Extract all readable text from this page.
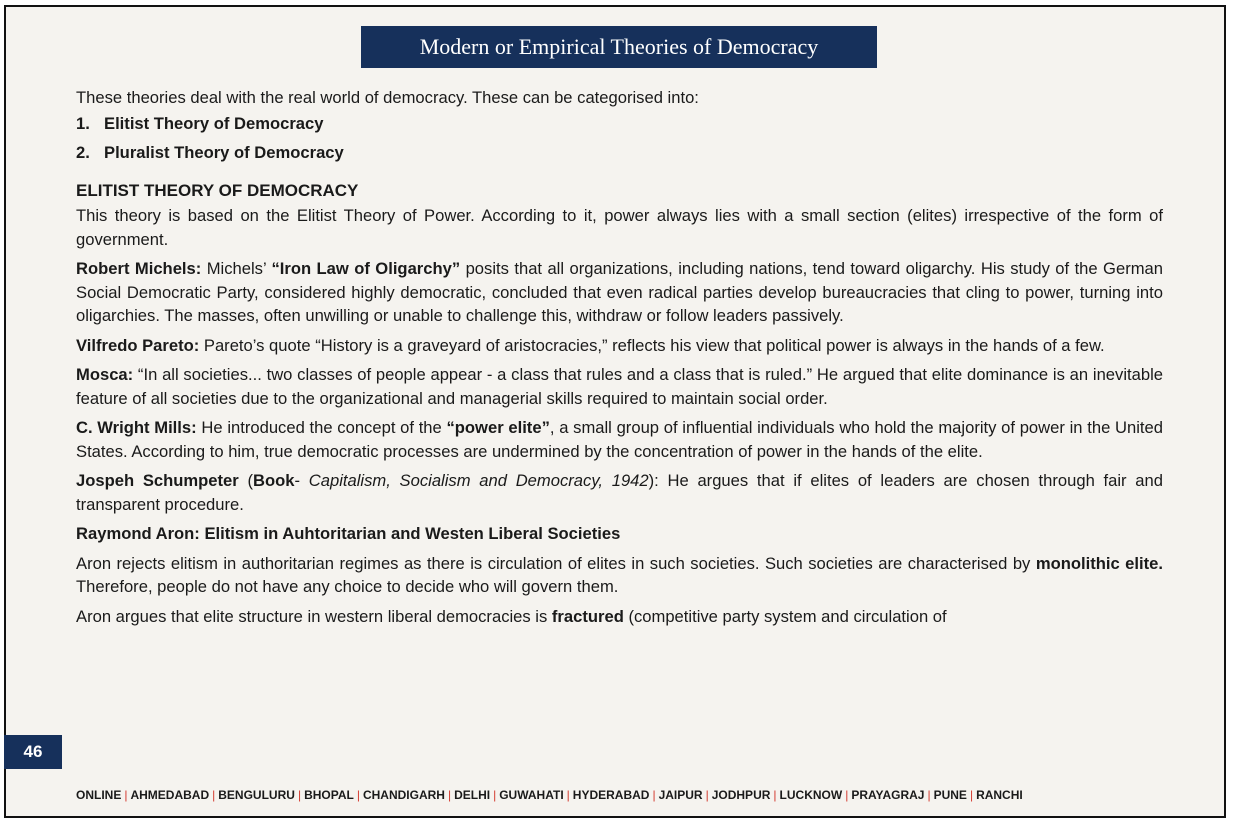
Modern or Empirical Theories of Democracy

These theories deal with the real world of democracy. These can be categorised into:

1. Elitist Theory of Democracy

2. Pluralist Theory of Democracy

ELITIST THEORY OF DEMOCRACY

This theory is based on the Elitist Theory of Power. According to it, power always lies with a small section (elites) irrespective of the form of government.

Robert Michels: Michels’ “Iron Law of Oligarchy” posits that all organizations, including nations, tend toward oligarchy. His study of the German Social Democratic Party, considered highly democratic, concluded that even radical parties develop bureaucracies that cling to power, turning into oligarchies. The masses, often unwilling or unable to challenge this, withdraw or follow leaders passively.

Vilfredo Pareto: Pareto’s quote “History is a graveyard of aristocracies,” reflects his view that political power is always in the hands of a few.

Mosca: “In all societies... two classes of people appear - a class that rules and a class that is ruled.” He argued that elite dominance is an inevitable feature of all societies due to the organizational and managerial skills required to maintain social order.

C. Wright Mills: He introduced the concept of the “power elite”, a small group of influential individuals who hold the majority of power in the United States. According to him, true democratic processes are undermined by the concentration of power in the hands of the elite.

Jospeh Schumpeter (Book- Capitalism, Socialism and Democracy, 1942): He argues that if elites of leaders are chosen through fair and transparent procedure.

Raymond Aron: Elitism in Auhtoritarian and Westen Liberal Societies

Aron rejects elitism in authoritarian regimes as there is circulation of elites in such societies. Such societies are characterised by monolithic elite. Therefore, people do not have any choice to decide who will govern them.

Aron argues that elite structure in western liberal democracies is fractured (competitive party system and circulation of

46
ONLINE | AHMEDABAD | BENGULURU | BHOPAL | CHANDIGARH | DELHI | GUWAHATI | HYDERABAD | JAIPUR | JODHPUR | LUCKNOW | PRAYAGRAJ | PUNE | RANCHI
